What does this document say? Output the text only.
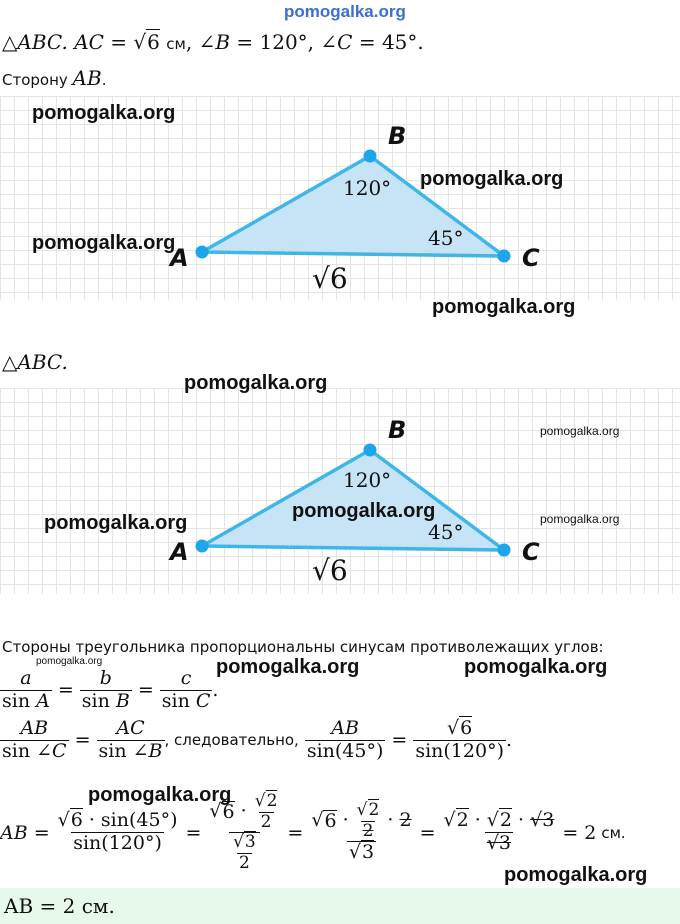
pomogalka.org
△ABC. AC = √6 см, ∠B = 120°, ∠C = 45°.
Сторону AB.
A
B
C
120°
45°
√6
△ABC.
A
B
C
120°
45°
√6
Стороны треугольника пропорциональны синусам противолежащих углов:
$\frac{a}{\text{sin A}} = \frac{b}{\text{sin B}} = \frac{c}{\text{sin C}}$ .
$\frac{AB}{\sin \angle C} = \frac{AC}{\sin \angle B}$ , следовательно, $\frac{AB}{\sin(45^\circ)} = \frac{√6}{\sin(120^\circ)}$ .
AB = $\frac{√6 \cdot \sin(45^\circ)}{\sin(120^\circ)} = \frac{√ 6 \cdot \frac{√2}{2}}{\frac{√3}{2}} = \frac{√ 6 \cdot \frac{√2}{2} \cdot 2}{√3} = \frac{√2 \cdot √2 \cdot √3}{√3} = 2$ см.
AB = 2 см.
pomogalka.org
pomogalka.org
pomogalka.org
pomogalka.org
pomogalka.org
pomogalka.org
pomogalka.org
pomogalka.org	pomogalka.org
pomogalka.org	pomogalka.org	pomogalka.org
pomogalka.org
pomogalka.org
